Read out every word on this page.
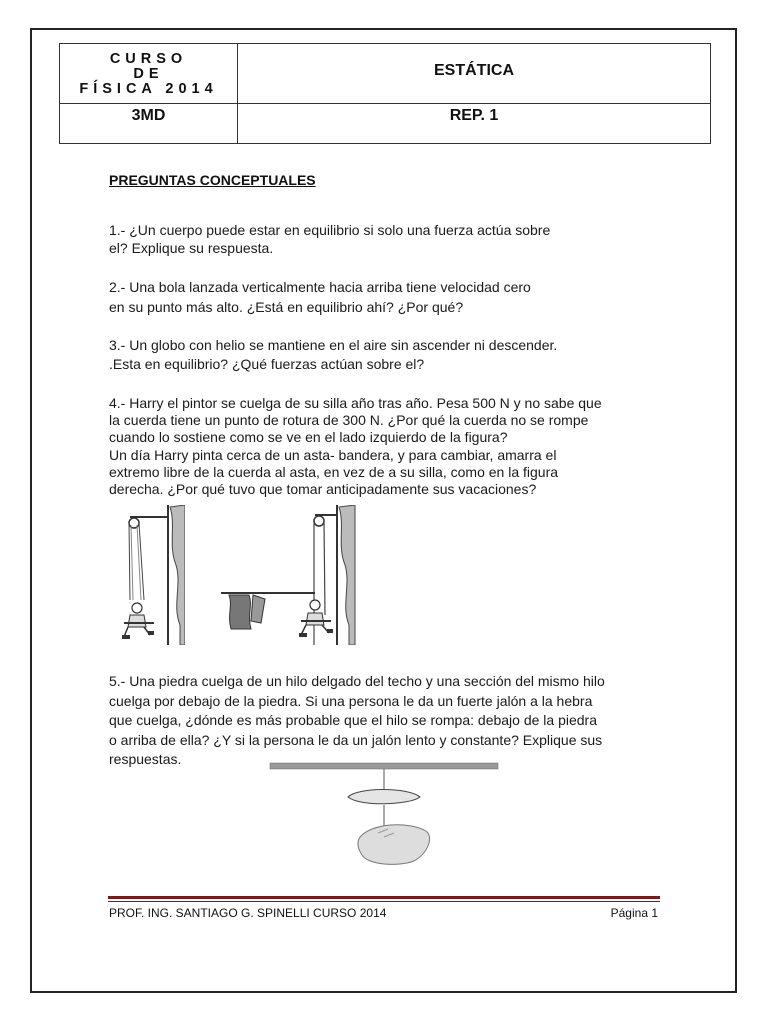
CURSO
DE
FÍSICA 2014
ESTÁTICA
3MD	REP. 1
PREGUNTAS CONCEPTUALES
1.- ¿Un cuerpo puede estar en equilibrio si solo una fuerza actúa sobre
el? Explique su respuesta.
2.- Una bola lanzada verticalmente hacia arriba tiene velocidad cero
en su punto más alto. ¿Está en equilibrio ahí? ¿Por qué?
3.- Un globo con helio se mantiene en el aire sin ascender ni descender.
.Esta en equilibrio? ¿Qué fuerzas actúan sobre el?
4.- Harry el pintor se cuelga de su silla año tras año. Pesa 500 N y no sabe que
la cuerda tiene un punto de rotura de 300 N. ¿Por qué la cuerda no se rompe
cuando lo sostiene como se ve en el lado izquierdo de la figura?
Un día Harry pinta cerca de un asta- bandera, y para cambiar, amarra el
extremo libre de la cuerda al asta, en vez de a su silla, como en la figura
derecha. ¿Por qué tuvo que tomar anticipadamente sus vacaciones?
5.- Una piedra cuelga de un hilo delgado del techo y una sección del mismo hilo
cuelga por debajo de la piedra. Si una persona le da un fuerte jalón a la hebra
que cuelga, ¿dónde es más probable que el hilo se rompa: debajo de la piedra
o arriba de ella? ¿Y si la persona le da un jalón lento y constante? Explique sus
respuestas.
PROF. ING. SANTIAGO G. SPINELLI CURSO 2014	Página 1
